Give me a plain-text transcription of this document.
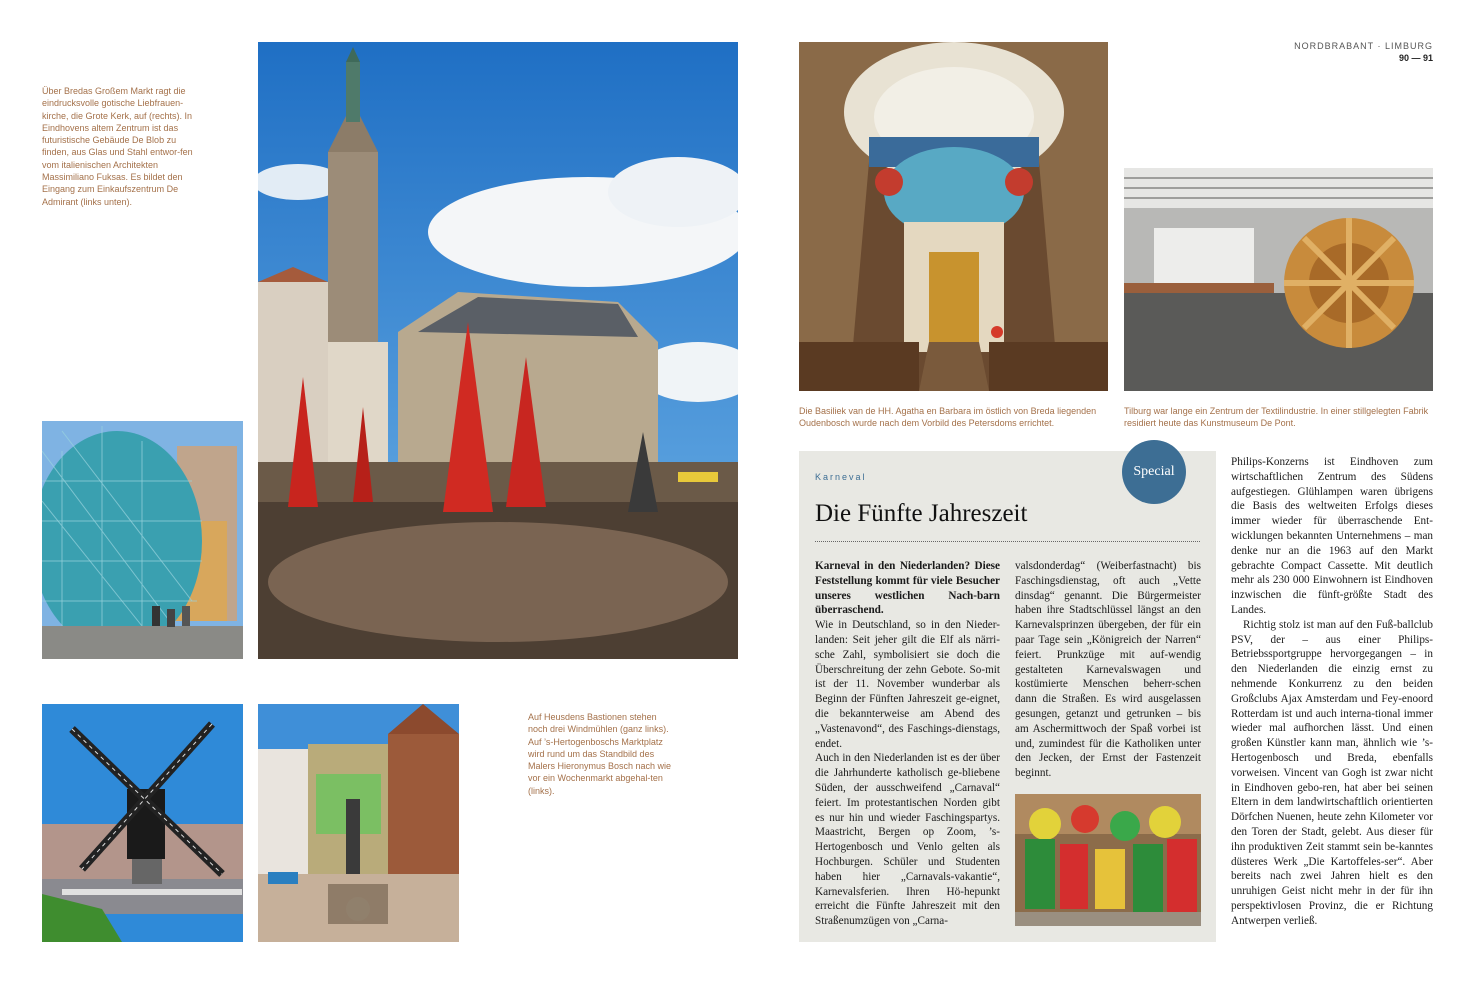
NORDBRABANT · LIMBURG
90 — 91
Über Bredas Großem Markt ragt die eindrucksvolle gotische Liebfrauen-kirche, die Grote Kerk, auf (rechts). In Eindhovens altem Zentrum ist das futuristische Gebäude De Blob zu finden, aus Glas und Stahl entwor-fen vom italienischen Architekten Massimiliano Fuksas. Es bildet den Eingang zum Einkaufszentrum De Admirant (links unten).
Auf Heusdens Bastionen stehen noch drei Windmühlen (ganz links). Auf ’s-Hertogenboschs Marktplatz wird rund um das Standbild des Malers Hieronymus Bosch nach wie vor ein Wochenmarkt abgehal-ten (links).
Die Basiliek van de HH. Agatha en Barbara im östlich von Breda liegenden Oudenbosch wurde nach dem Vorbild des Petersdoms errichtet.
Tilburg war lange ein Zentrum der Textilindustrie. In einer stillgelegten Fabrik residiert heute das Kunstmuseum De Pont.
Special
Karneval
Die Fünfte Jahreszeit

Karneval in den Niederlanden? Diese Feststellung kommt für viele Besucher unseres westlichen Nach-barn überraschend.

Wie in Deutschland, so in den Nieder-landen: Seit jeher gilt die Elf als närri-sche Zahl, symbolisiert sie doch die Überschreitung der zehn Gebote. So-mit ist der 11. November wunderbar als Beginn der Fünften Jahreszeit ge-eignet, die bekannterweise am Abend des „Vastenavond“, des Faschings-dienstags, endet.

Auch in den Niederlanden ist es der über die Jahrhunderte katholisch ge-bliebene Süden, der ausschweifend „Carnaval“ feiert. Im protestantischen Norden gibt es nur hin und wieder Faschingspartys. Maastricht, Bergen op Zoom, ’s-Hertogenbosch und Venlo gelten als Hochburgen. Schüler und Studenten haben hier „Carnavals-vakantie“, Karnevalsferien. Ihren Hö-hepunkt erreicht die Fünfte Jahreszeit mit den Straßenumzügen von „Carna-

valsdonderdag“ (Weiberfastnacht) bis Faschingsdienstag, oft auch „Vette dinsdag“ genannt. Die Bürgermeister haben ihre Stadtschlüssel längst an den Karnevalsprinzen übergeben, der für ein paar Tage sein „Königreich der Narren“ feiert. Prunkzüge mit auf-wendig gestalteten Karnevalswagen und kostümierte Menschen beherr-schen dann die Straßen. Es wird ausgelassen gesungen, getanzt und getrunken – bis am Aschermittwoch der Spaß vorbei ist und, zumindest für die Katholiken unter den Jecken, der Ernst der Fastenzeit beginnt.

Philips-Konzerns ist Eindhoven zum wirtschaftlichen Zentrum des Südens aufgestiegen. Glühlampen waren übrigens die Basis des weltweiten Erfolgs dieses immer wieder für überraschende Ent-wicklungen bekannten Unternehmens – man denke nur an die 1963 auf den Markt gebrachte Compact Cassette. Mit deutlich mehr als 230 000 Einwohnern ist Eindhoven inzwischen die fünft-größte Stadt des Landes.

Richtig stolz ist man auf den Fuß-ballclub PSV, der – aus einer Philips-Betriebssportgruppe hervorgegangen – in den Niederlanden die einzig ernst zu nehmende Konkurrenz zu den beiden Großclubs Ajax Amsterdam und Fey-enoord Rotterdam ist und auch interna-tional immer wieder mal aufhorchen lässt. Und einen großen Künstler kann man, ähnlich wie ’s-Hertogenbosch und Breda, ebenfalls vorweisen. Vincent van Gogh ist zwar nicht in Eindhoven gebo-ren, hat aber bei seinen Eltern in dem landwirtschaftlich orientierten Dörfchen Nuenen, heute zehn Kilometer vor den Toren der Stadt, gelebt. Aus dieser für ihn produktiven Zeit stammt sein be-kanntes düsteres Werk „Die Kartoffeles-ser“. Aber bereits nach zwei Jahren hielt es den unruhigen Geist nicht mehr in der für ihn perspektivlosen Provinz, die er Richtung Antwerpen verließ.
